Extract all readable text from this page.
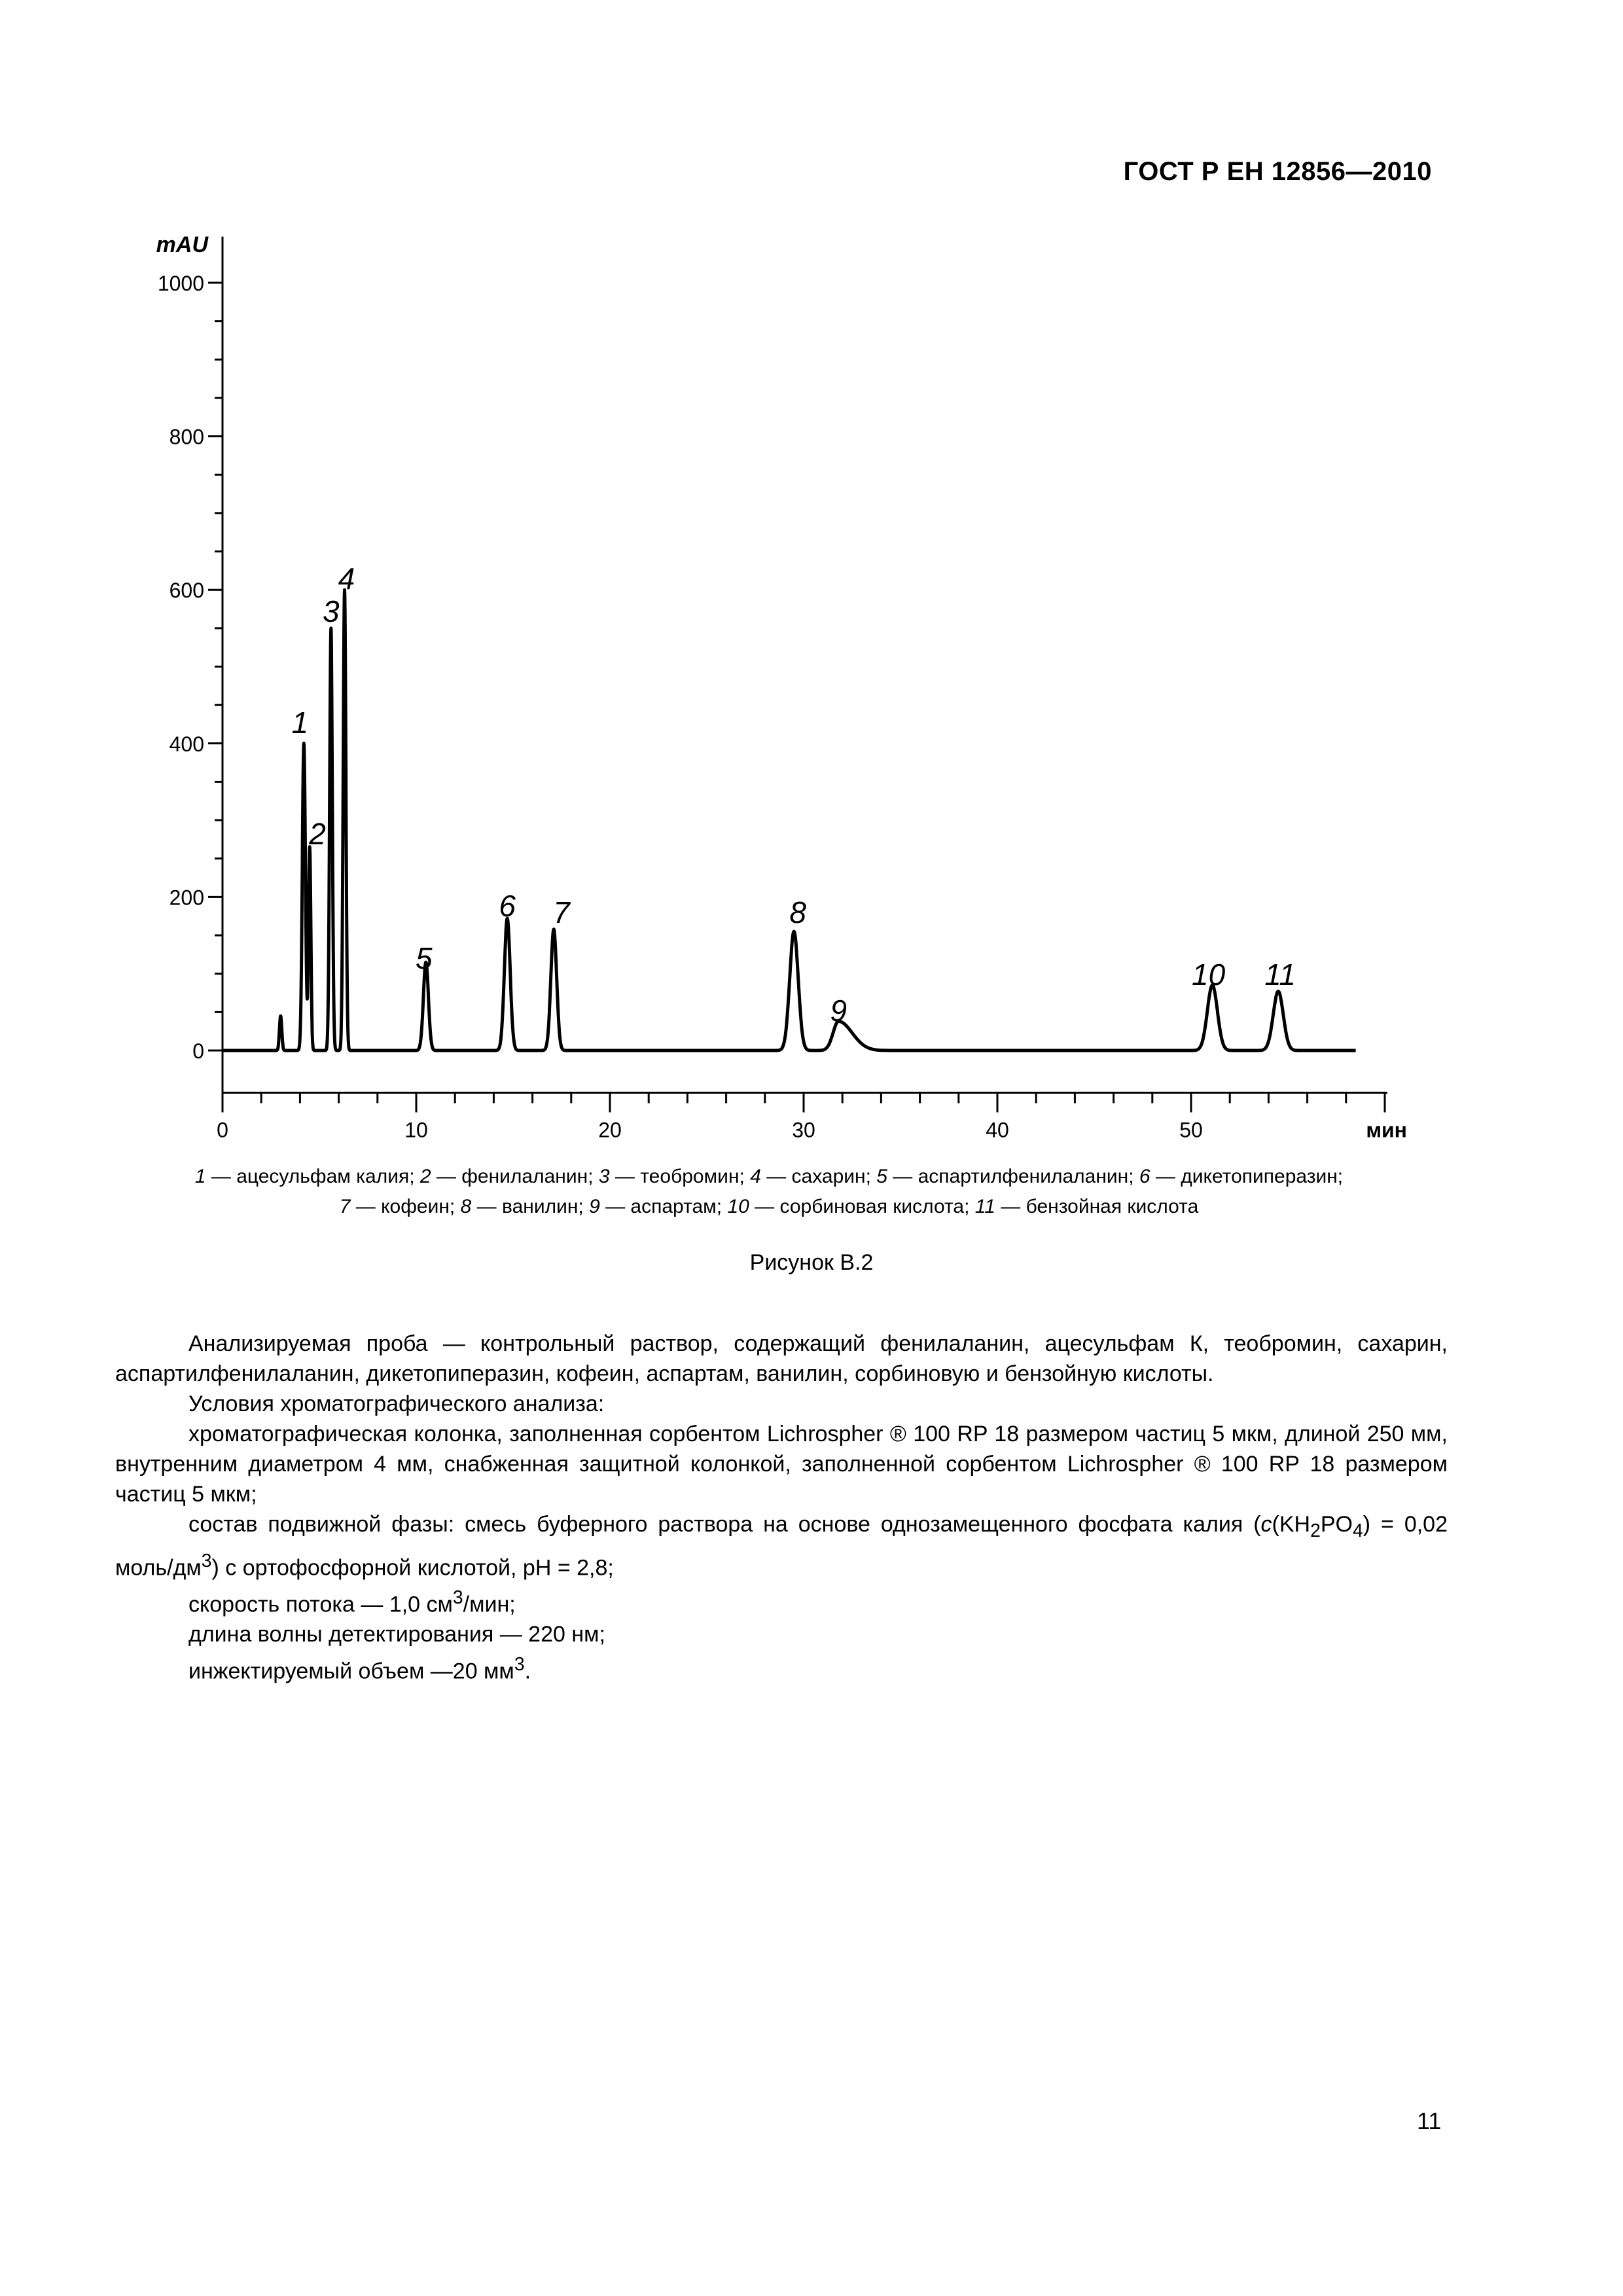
ГОСТ Р ЕН 12856—2010
0
200
400
600
800
1000
0	10	20	30	40	50
mAU
мин
1
2
3
4
5
6 7	8
9
10 11
1 — ацесульфам калия; 2 — фенилаланин; 3 — теобромин; 4 — сахарин; 5 — аспартилфенилаланин; 6 — дикетопиперазин;
7 — кофеин; 8 — ванилин; 9 — аспартам; 10 — сорбиновая кислота; 11 — бензойная кислота
Рисунок В.2

Анализируемая проба — контрольный раствор, содержащий фенилаланин, ацесульфам К, теобромин, сахарин, аспартилфенилаланин, дикетопиперазин, кофеин, аспартам, ванилин, сорбиновую и бензойную кислоты.

Условия хроматографического анализа:

хроматографическая колонка, заполненная сорбентом Lichrospher ® 100 RP 18 размером частиц 5 мкм, длиной 250 мм, внутренним диаметром 4 мм, снабженная защитной колонкой, заполненной сорбентом Lichrospher ® 100 RP 18 размером частиц 5 мкм;

состав подвижной фазы: смесь буферного раствора на основе однозамещенного фосфата калия ($c(KH_2PO_4) = 0,02$ моль/$дм^3$) с ортофосфорной кислотой, pH = 2,8;

скорость потока — 1,0 $см^3$/мин;

длина волны детектирования — 220 нм;

инжектируемый объем —20 $мм^3$.

11
